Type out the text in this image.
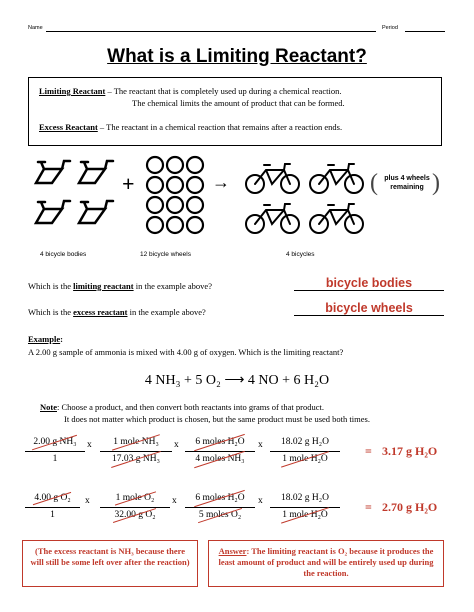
Name	Period
What is a Limiting Reactant?
Limiting Reactant – The reactant that is completely used up during a chemical reaction.
The chemical limits the amount of product that can be formed.
Excess Reactant – The reactant in a chemical reaction that remains after a reaction ends.
+	→	( plus 4 wheels remaining )
4 bicycle bodies	12 bicycle wheels	4 bicycles
Which is the limiting reactant in the example above?	bicycle bodies
Which is the excess reactant in the example above?	bicycle wheels
Example:
A 2.00 g sample of ammonia is mixed with 4.00 g of oxygen. Which is the limiting reactant?
4 NH₃ + 5 O₂ ⟶ 4 NO + 6 H₂O
Note: Choose a product, and then convert both reactants into grams of that product.
It does not matter which product is chosen, but the same product must be used both times.
2.00 g NH₃
1
x	1 mole NH₃
17.03 g NH₃
x	6 moles H₂O
4 moles NH₃
x	18.02 g H₂O
1 mole H₂O
= 3.17 g H₂O
4.00 g O₂
1
x	1 mole O₂
32.00 g O₂
x	6 moles H₂O
5 moles O₂
x	18.02 g H₂O
1 mole H₂O
= 2.70 g H₂O
(The excess reactant is NH₃ because there will still be some left over after the reaction)
Answer: The limiting reactant is O₂ because it produces the least amount of product and will be entirely used up during the reaction.
